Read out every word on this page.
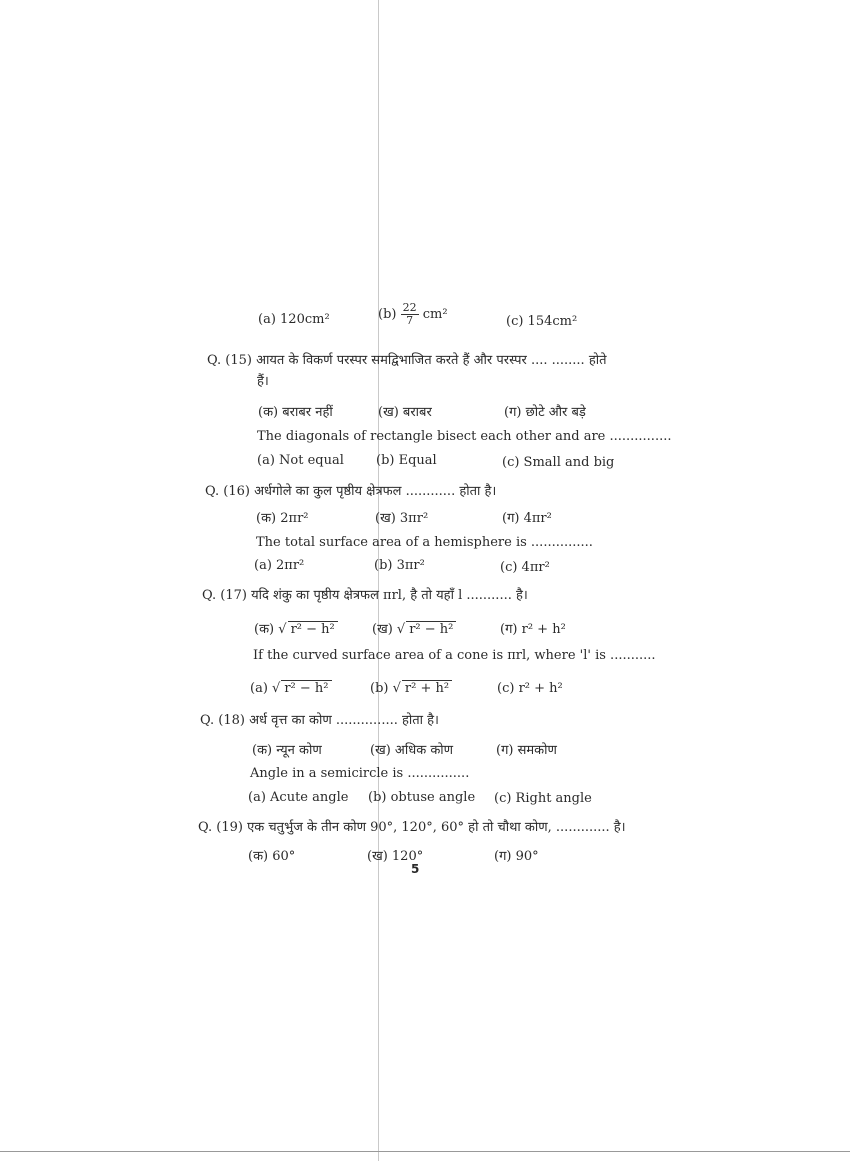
(a) 120cm²	$(b) \frac{22}{7} cm^2$	(c) 154cm²
Q. (15) आयत के विकर्ण परस्पर समद्विभाजित करते हैं और परस्पर .... ........ होते
हैं।
(क) बराबर नहीं	(ख) बराबर	(ग) छोटे और बड़े
The diagonals of rectangle bisect each other and are ...............
(a) Not equal (b) Equal	(c) Small and big
Q. (16) अर्धगोले का कुल पृष्ठीय क्षेत्रफल ............ होता है।
(क) 2πr²	(ख) 3πr²	(ग) 4πr²
The total surface area of a hemisphere is ...............
(a) 2πr²	(b) 3πr²	(c) 4πr²
Q. (17) यदि शंकु का पृष्ठीय क्षेत्रफल πrl, है तो यहाँ l ........... है।
(क) √ r² − h²	(ख) √ r² − h²	(ग) r² + h²
If the curved surface area of a cone is πrl, where 'l' is ...........
(a) √ r² − h²	(b) √ r² + h²	(c) r² + h²
Q. (18) अर्ध वृत्त का कोण ............... होता है।
(क) न्यून कोण	(ख) अधिक कोण	(ग) समकोण
Angle in a semicircle is ...............
(a) Acute angle (b) obtuse angle (c) Right angle
Q. (19) एक चतुर्भुज के तीन कोण 90°, 120°, 60° हो तो चौथा कोण, ............. है।
(क) 60°	(ख) 120°	(ग) 90°
5
